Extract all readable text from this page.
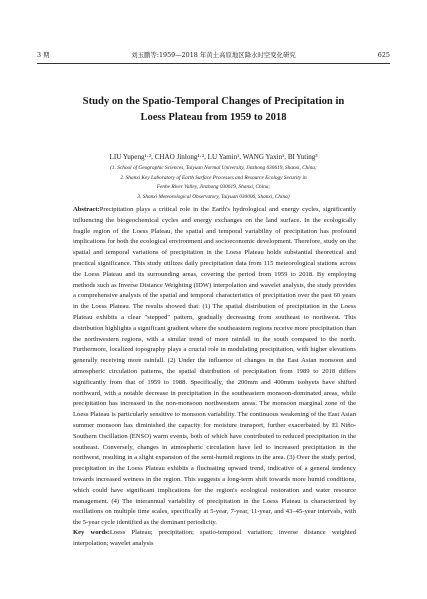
3 期	刘玉鹏等:1959—2018 年黄土高原地区降水时空变化研究	625
Study on the Spatio-Temporal Changes of Precipitation in
Loess Plateau from 1959 to 2018
LIU Yupeng¹·², CHAO Jinlong¹·², LU Yamin¹, WANG Yaxin¹, BI Yuting³
(1. School of Geographic Sciences, Taiyuan Normal University, Jinzhong 030619, Shanxi, China;
2. Shanxi Key Laboratory of Earth Surface Processes and Resource Ecology Security in
Fenhe River Valley, Jinzhong 030619, Shanxi, China;
3. Shanxi Meteorological Observatory, Taiyuan 030006, Shanxi, China)
Abstract:Precipitation plays a critical role in the Earth's hydrological and energy cycles, significantly influencing the biogeochemical cycles and energy exchanges on the land surface. In the ecologically fragile region of the Loess Plateau, the spatial and temporal variability of precipitation has profound implications for both the ecological environment and socioeconomic development. Therefore, study on the spatial and temporal variations of precipitation in the Loess Plateau holds substantial theoretical and practical significance. This study utilizes daily precipitation data from 115 meteorological stations across the Loess Plateau and its surrounding areas, covering the period from 1959 to 2018. By employing methods such as Inverse Distance Weighting (IDW) interpolation and wavelet analysis, the study provides a comprehensive analysis of the spatial and temporal characteristics of precipitation over the past 60 years in the Loess Plateau. The results showed that: (1) The spatial distribution of precipitation in the Loess Plateau exhibits a clear "stepped" pattern, gradually decreasing from southeast to northwest. This distribution highlights a significant gradient where the southeastern regions receive more precipitation than the northwestern regions, with a similar trend of more rainfall in the south compared to the north. Furthermore, localized topography plays a crucial role in modulating precipitation, with higher elevations generally receiving more rainfall. (2) Under the influence of changes in the East Asian monsoon and atmospheric circulation patterns, the spatial distribution of precipitation from 1989 to 2018 differs significantly from that of 1959 to 1988. Specifically, the 200mm and 400mm isohyets have shifted northward, with a notable decrease in precipitation in the southeastern monsoon-dominated areas, while precipitation has increased in the non-monsoon northwestern areas. The monsoon marginal zone of the Loess Plateau is particularly sensitive to monsoon variability. The continuous weakening of the East Asian summer monsoon has diminished the capacity for moisture transport, further exacerbated by El Niño-Southern Oscillation (ENSO) warm events, both of which have contributed to reduced precipitation in the southeast. Conversely, changes in atmospheric circulation have led to increased precipitation in the northwest, resulting in a slight expansion of the semi-humid regions in the area. (3) Over the study period, precipitation in the Loess Plateau exhibits a fluctuating upward trend, indicative of a general tendency towards increased wetness in the region. This suggests a long-term shift towards more humid conditions, which could have significant implications for the region's ecological restoration and water resource management. (4) The interannual variability of precipitation in the Loess Plateau is characterized by oscillations on multiple time scales, specifically at 5-year, 7-year, 11-year, and 43–45-year intervals, with the 5-year cycle identified as the dominant periodicity.
Key words:Loess Plateau; precipitation; spatio-temporal variation; inverse distance weighted interpolation; wavelet analysis
